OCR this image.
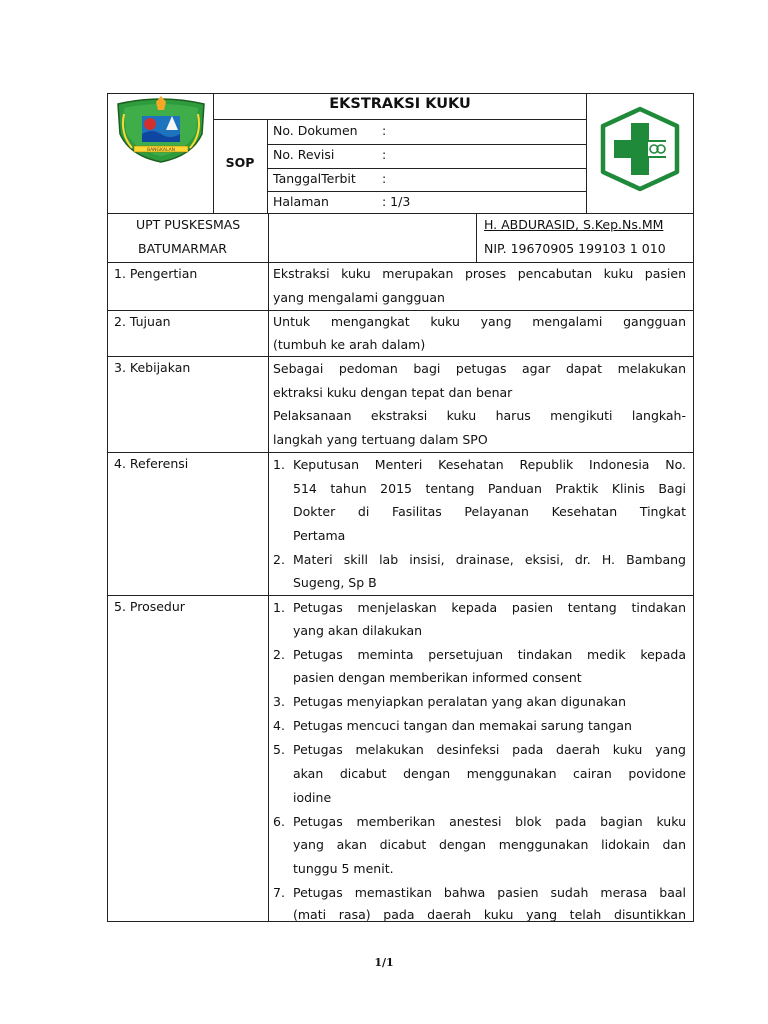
BANGKALAN
EKSTRAKSI KUKU
SOP
No. Dokumen :
No. Revisi	:
TanggalTerbit :
Halaman	: 1/3
UPT PUSKESMAS
BATUMARMAR
H. ABDURASID, S.Kep.Ns.MM
NIP. 19670905 199103 1 010
1. Pengertian
2. Tujuan
3. Kebijakan
4. Referensi
5. Prosedur
Ekstraksi kuku merupakan proses pencabutan kuku pasien
yang mengalami gangguan
Untuk mengangkat kuku yang mengalami gangguan
(tumbuh ke arah dalam)
Sebagai pedoman bagi petugas agar dapat melakukan
ektraksi kuku dengan tepat dan benar
Pelaksanaan ekstraksi kuku harus mengikuti langkah-
langkah yang tertuang dalam SPO
1. Keputusan Menteri Kesehatan Republik Indonesia No.
514 tahun 2015 tentang Panduan Praktik Klinis Bagi
Dokter di Fasilitas Pelayanan Kesehatan Tingkat
Pertama
2. Materi skill lab insisi, drainase, eksisi, dr. H. Bambang
Sugeng, Sp B
1. Petugas menjelaskan kepada pasien tentang tindakan
yang akan dilakukan
2. Petugas meminta persetujuan tindakan medik kepada
pasien dengan memberikan informed consent
3. Petugas menyiapkan peralatan yang akan digunakan
4. Petugas mencuci tangan dan memakai sarung tangan
5. Petugas melakukan desinfeksi pada daerah kuku yang
akan dicabut dengan menggunakan cairan povidone
iodine
6. Petugas memberikan anestesi blok pada bagian kuku
yang akan dicabut dengan menggunakan lidokain dan
tunggu 5 menit.
7. Petugas memastikan bahwa pasien sudah merasa baal
(mati rasa) pada daerah kuku yang telah disuntikkan
1/1
